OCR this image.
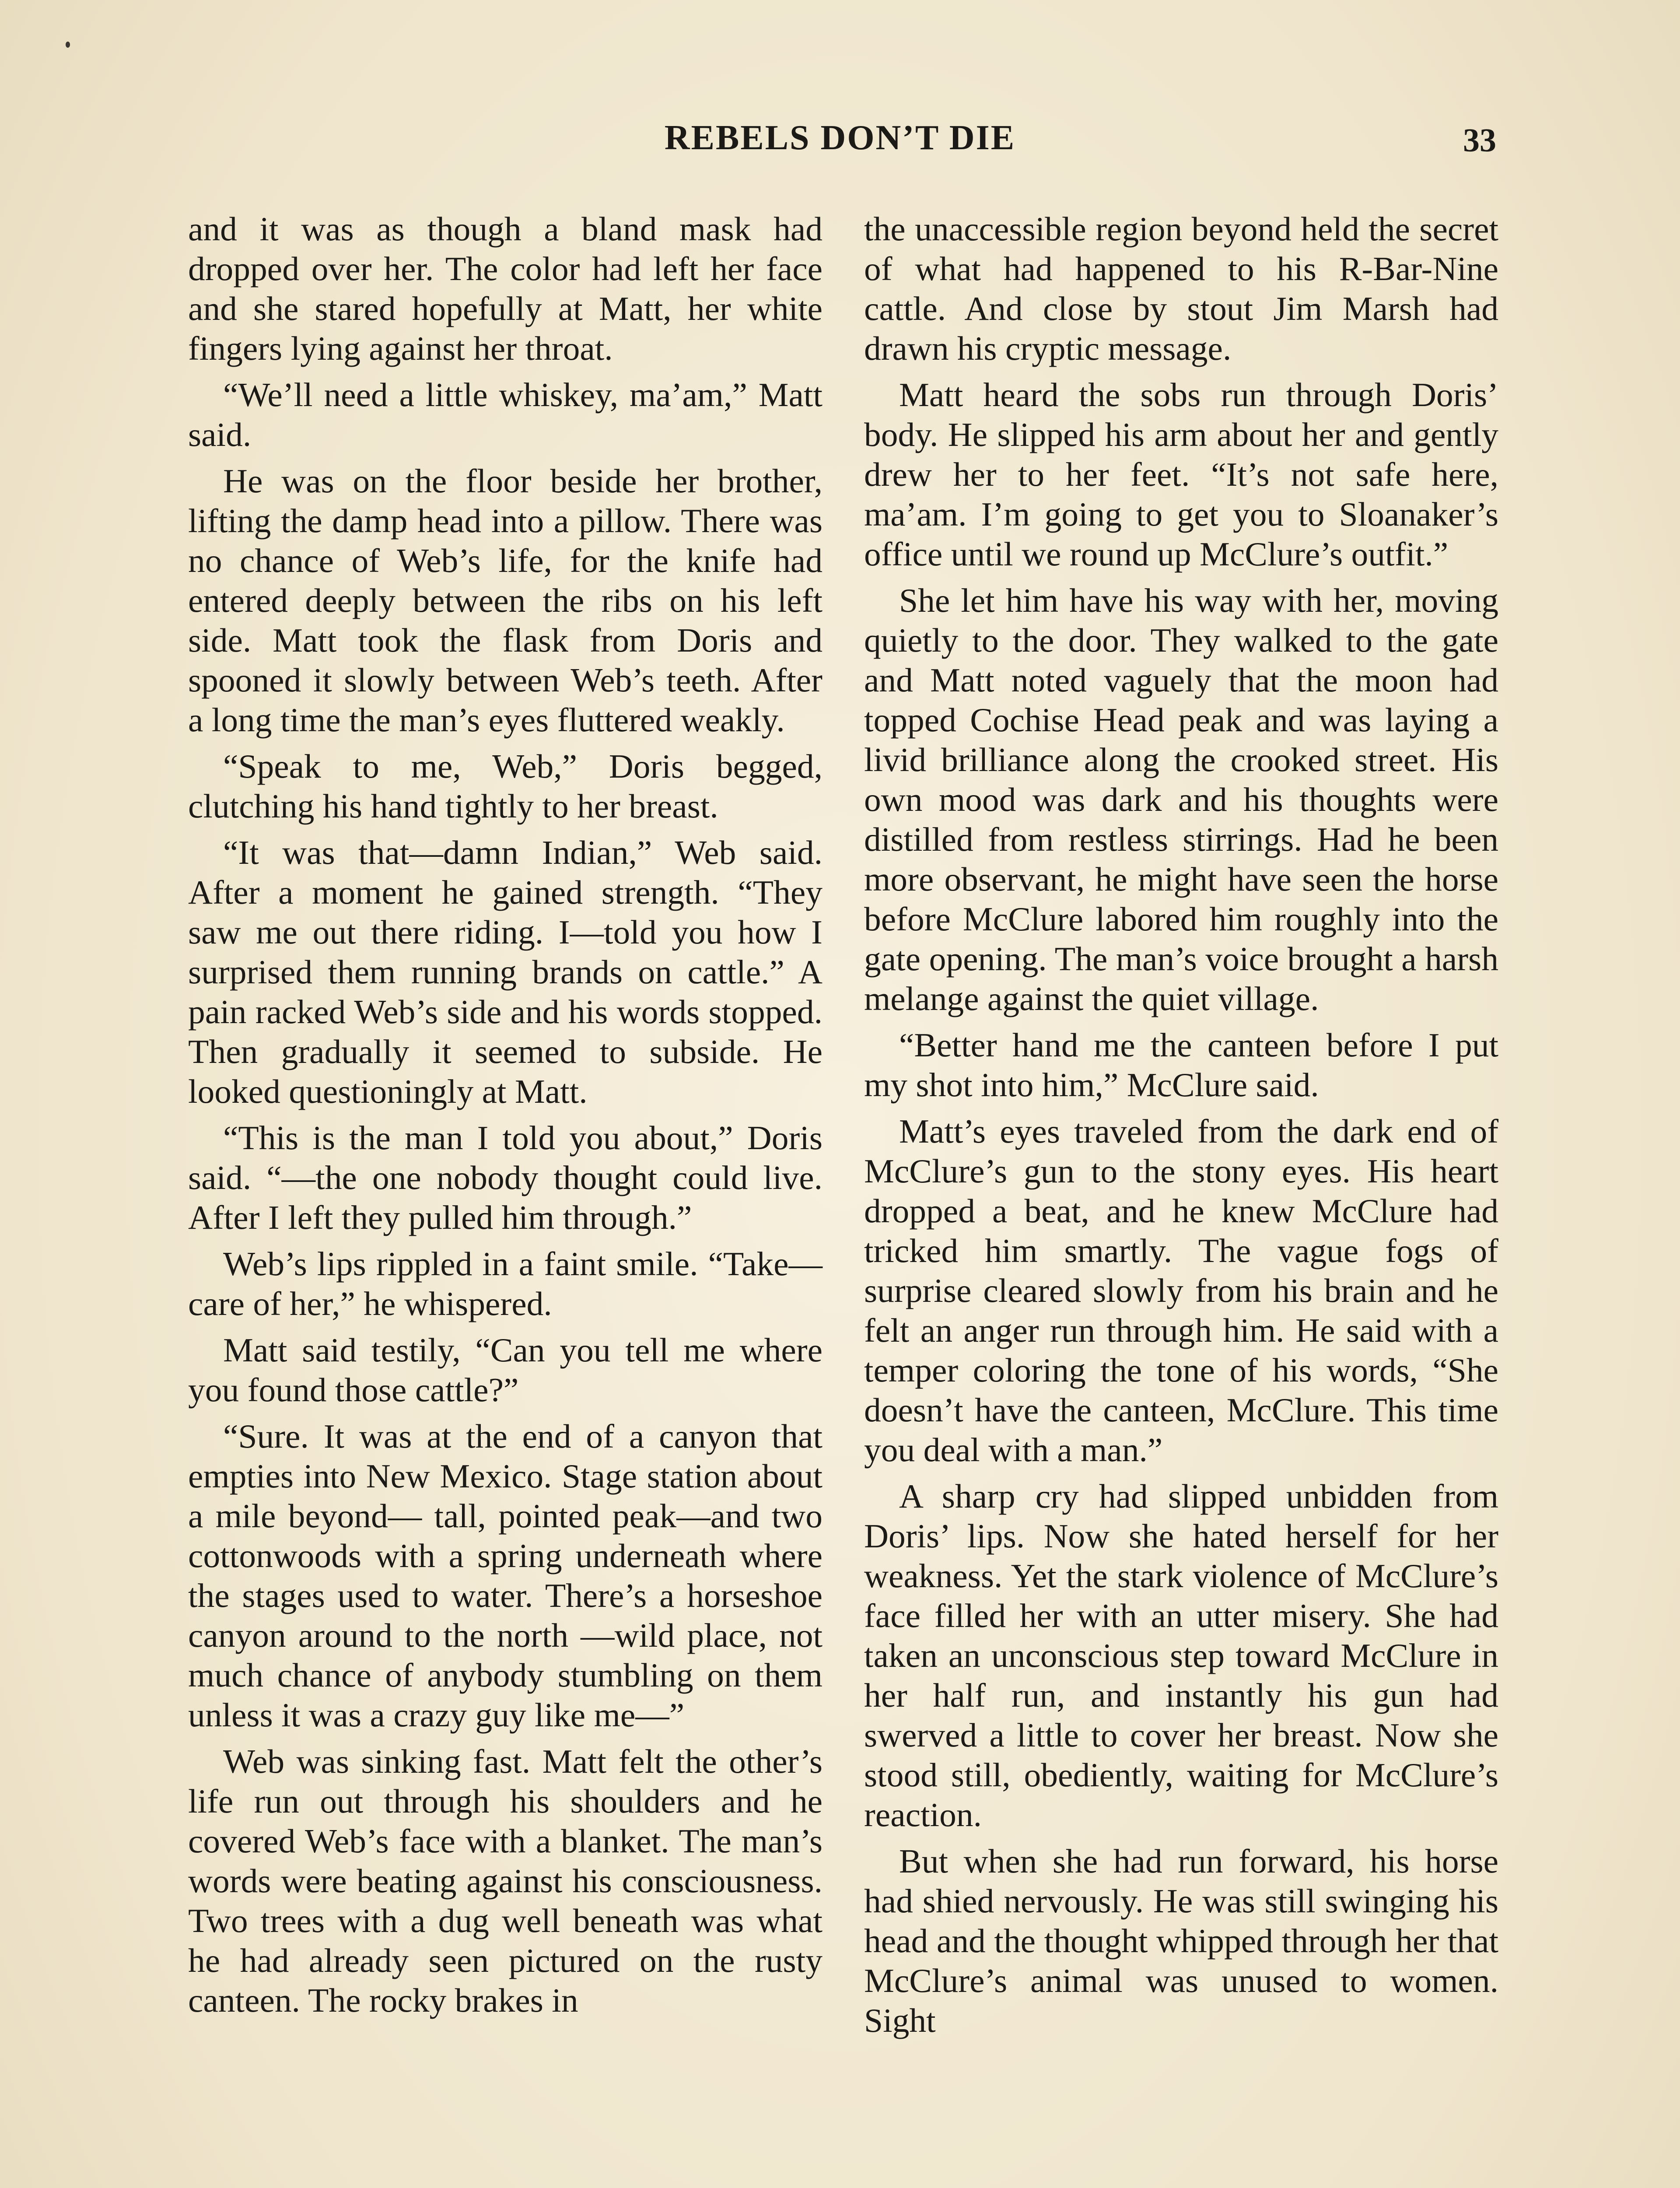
REBELS DON’T DIE	33

and it was as though a bland mask had dropped over her. The color had left her face and she stared hopefully at Matt, her white fingers lying against her throat.

“We’ll need a little whiskey, ma’am,” Matt said.

He was on the floor beside her brother, lifting the damp head into a pillow. There was no chance of Web’s life, for the knife had entered deeply between the ribs on his left side. Matt took the flask from Doris and spooned it slowly between Web’s teeth. After a long time the man’s eyes fluttered weakly.

“Speak to me, Web,” Doris begged, clutching his hand tightly to her breast.

“It was that—damn Indian,” Web said. After a moment he gained strength. “They saw me out there riding. I—told you how I surprised them running brands on cattle.” A pain racked Web’s side and his words stopped. Then gradually it seemed to subside. He looked questioningly at Matt.

“This is the man I told you about,” Doris said. “—the one nobody thought could live. After I left they pulled him through.”

Web’s lips rippled in a faint smile. “Take—care of her,” he whispered.

Matt said testily, “Can you tell me where you found those cattle?”

“Sure. It was at the end of a canyon that empties into New Mexico. Stage station about a mile beyond— tall, pointed peak—and two cottonwoods with a spring underneath where the stages used to water. There’s a horseshoe canyon around to the north —wild place, not much chance of anybody stumbling on them unless it was a crazy guy like me—”

Web was sinking fast. Matt felt the other’s life run out through his shoulders and he covered Web’s face with a blanket. The man’s words were beating against his consciousness. Two trees with a dug well beneath was what he had already seen pictured on the rusty canteen. The rocky brakes in

the unaccessible region beyond held the secret of what had happened to his R-Bar-Nine cattle. And close by stout Jim Marsh had drawn his cryptic message.

Matt heard the sobs run through Doris’ body. He slipped his arm about her and gently drew her to her feet. “It’s not safe here, ma’am. I’m going to get you to Sloanaker’s office until we round up McClure’s outfit.”

She let him have his way with her, moving quietly to the door. They walked to the gate and Matt noted vaguely that the moon had topped Cochise Head peak and was laying a livid brilliance along the crooked street. His own mood was dark and his thoughts were distilled from restless stirrings. Had he been more observant, he might have seen the horse before McClure labored him roughly into the gate opening. The man’s voice brought a harsh melange against the quiet village.

“Better hand me the canteen before I put my shot into him,” McClure said.

Matt’s eyes traveled from the dark end of McClure’s gun to the stony eyes. His heart dropped a beat, and he knew McClure had tricked him smartly. The vague fogs of surprise cleared slowly from his brain and he felt an anger run through him. He said with a temper coloring the tone of his words, “She doesn’t have the canteen, McClure. This time you deal with a man.”

A sharp cry had slipped unbidden from Doris’ lips. Now she hated herself for her weakness. Yet the stark violence of McClure’s face filled her with an utter misery. She had taken an unconscious step toward McClure in her half run, and instantly his gun had swerved a little to cover her breast. Now she stood still, obediently, waiting for McClure’s reaction.

But when she had run forward, his horse had shied nervously. He was still swinging his head and the thought whipped through her that McClure’s animal was unused to women. Sight
